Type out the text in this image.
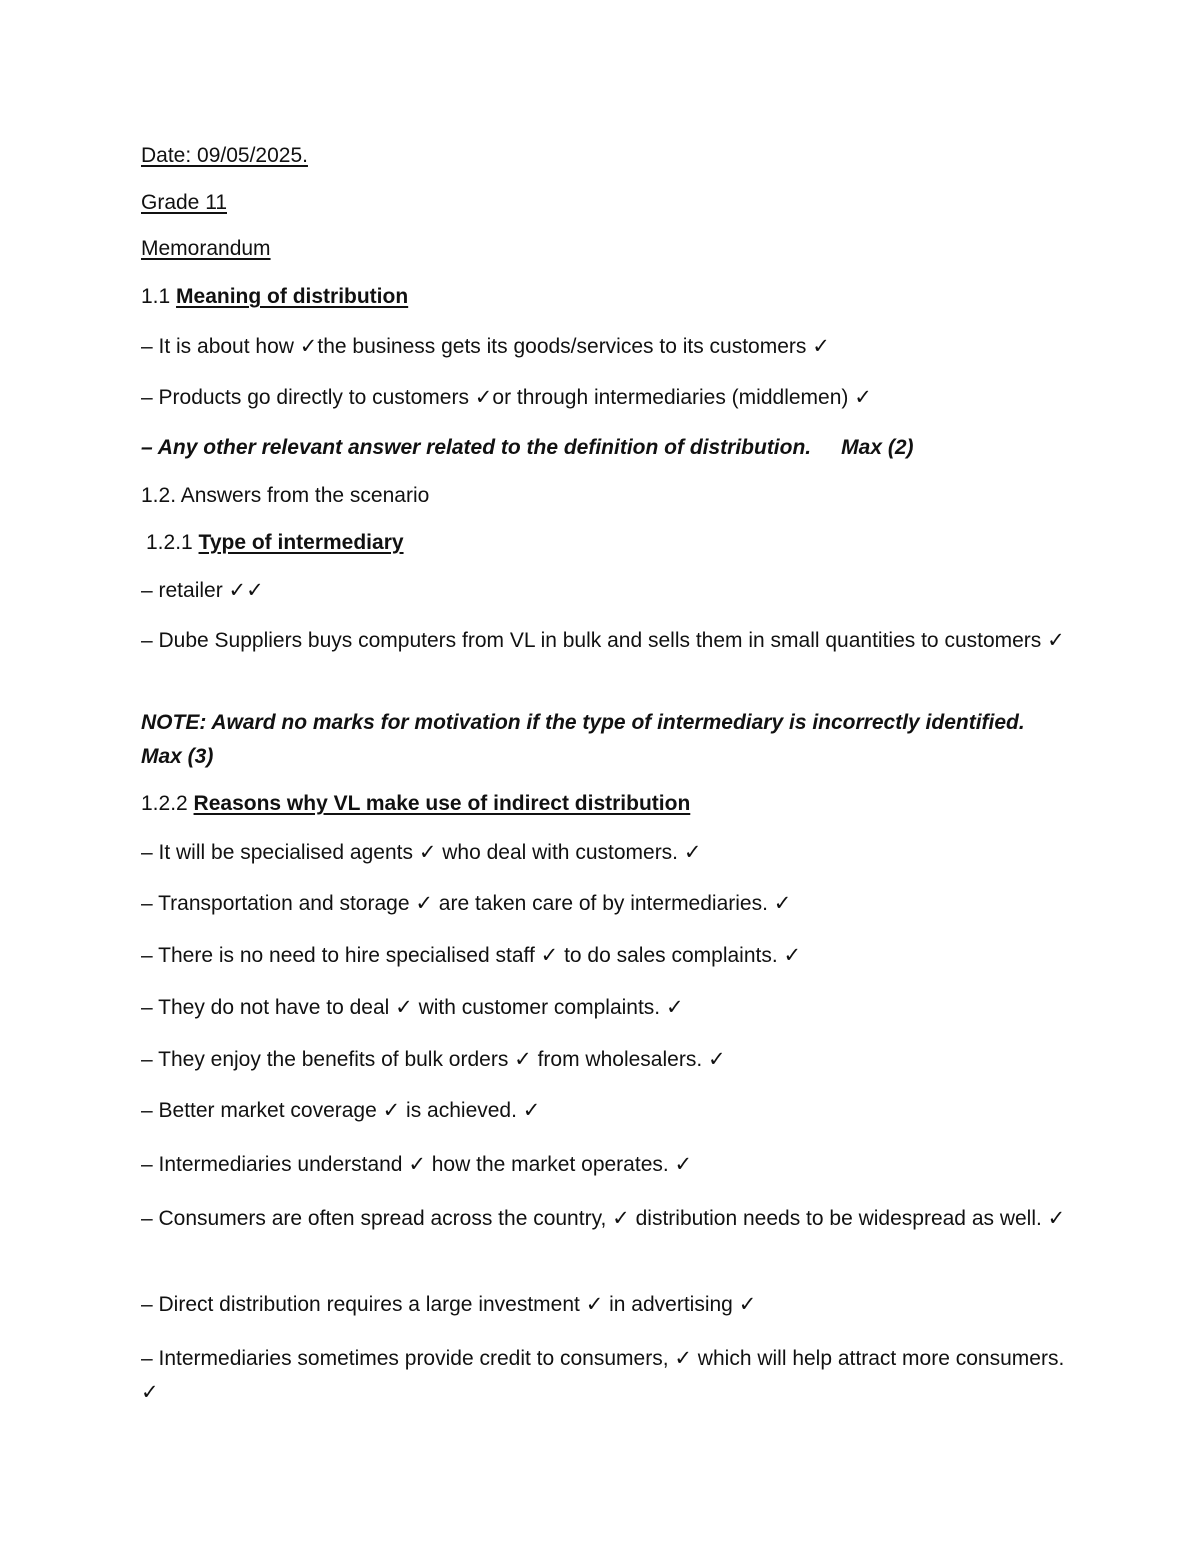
Date: 09/05/2025.
Grade 11
Memorandum
1.1 Meaning of distribution
– It is about how ✓the business gets its goods/services to its customers ✓
– Products go directly to customers ✓or through intermediaries (middlemen) ✓
– Any other relevant answer related to the definition of distribution. Max (2)
1.2. Answers from the scenario
1.2.1 Type of intermediary
– retailer ✓✓
– Dube Suppliers buys computers from VL in bulk and sells them in small quantities to customers ✓
NOTE: Award no marks for motivation if the type of intermediary is incorrectly identified. Max (3)
1.2.2 Reasons why VL make use of indirect distribution
– It will be specialised agents ✓ who deal with customers. ✓
– Transportation and storage ✓ are taken care of by intermediaries. ✓
– There is no need to hire specialised staff ✓ to do sales complaints. ✓
– They do not have to deal ✓ with customer complaints. ✓
– They enjoy the benefits of bulk orders ✓ from wholesalers. ✓
– Better market coverage ✓ is achieved. ✓
– Intermediaries understand ✓ how the market operates. ✓
– Consumers are often spread across the country, ✓ distribution needs to be widespread as well. ✓
– Direct distribution requires a large investment ✓ in advertising ✓
– Intermediaries sometimes provide credit to consumers, ✓ which will help attract more consumers. ✓
